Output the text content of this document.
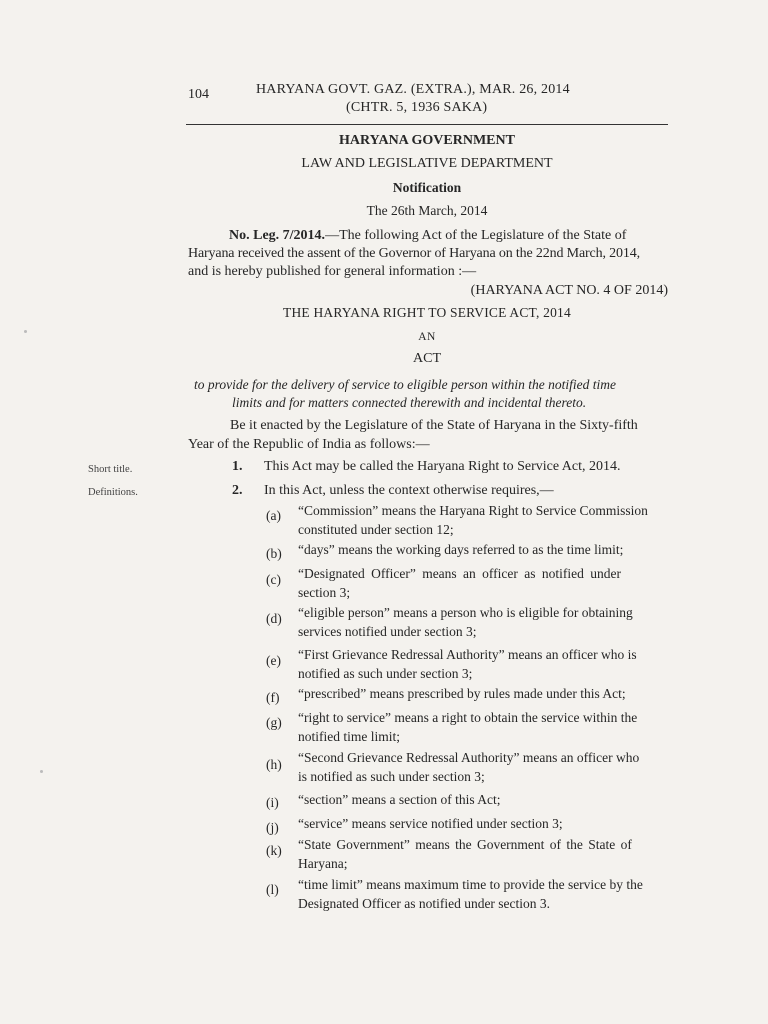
104	HARYANA GOVT. GAZ. (EXTRA.), MAR. 26, 2014
(CHTR. 5, 1936 SAKA)
HARYANA GOVERNMENT
LAW AND LEGISLATIVE DEPARTMENT
Notification
The 26th March, 2014
No. Leg. 7/2014.—The following Act of the Legislature of the State of
Haryana received the assent of the Governor of Haryana on the 22nd March, 2014,
and is hereby published for general information :—
(HARYANA ACT NO. 4 OF 2014)
THE HARYANA RIGHT TO SERVICE ACT, 2014
AN
ACT
to provide for the delivery of service to eligible person within the notified time
limits and for matters connected therewith and incidental thereto.
Be it enacted by the Legislature of the State of Haryana in the Sixty-fifth
Year of the Republic of India as follows:—
Short title.	1. This Act may be called the Haryana Right to Service Act, 2014.
Definitions.	2. In this Act, unless the context otherwise requires,—
(a) “Commission” means the Haryana Right to Service Commission
constituted under section 12;
(b) “days” means the working days referred to as the time limit;
(c) “Designated Officer” means an officer as notified under
section 3;
(d) “eligible person” means a person who is eligible for obtaining
services notified under section 3;
(e) “First Grievance Redressal Authority” means an officer who is
notified as such under section 3;
(f) “prescribed” means prescribed by rules made under this Act;
(g) “right to service” means a right to obtain the service within the
notified time limit;
(h) “Second Grievance Redressal Authority” means an officer who
is notified as such under section 3;
(i) “section” means a section of this Act;
(j) “service” means service notified under section 3;
(k) “State Government” means the Government of the State of
Haryana;
(l) “time limit” means maximum time to provide the service by the
Designated Officer as notified under section 3.
